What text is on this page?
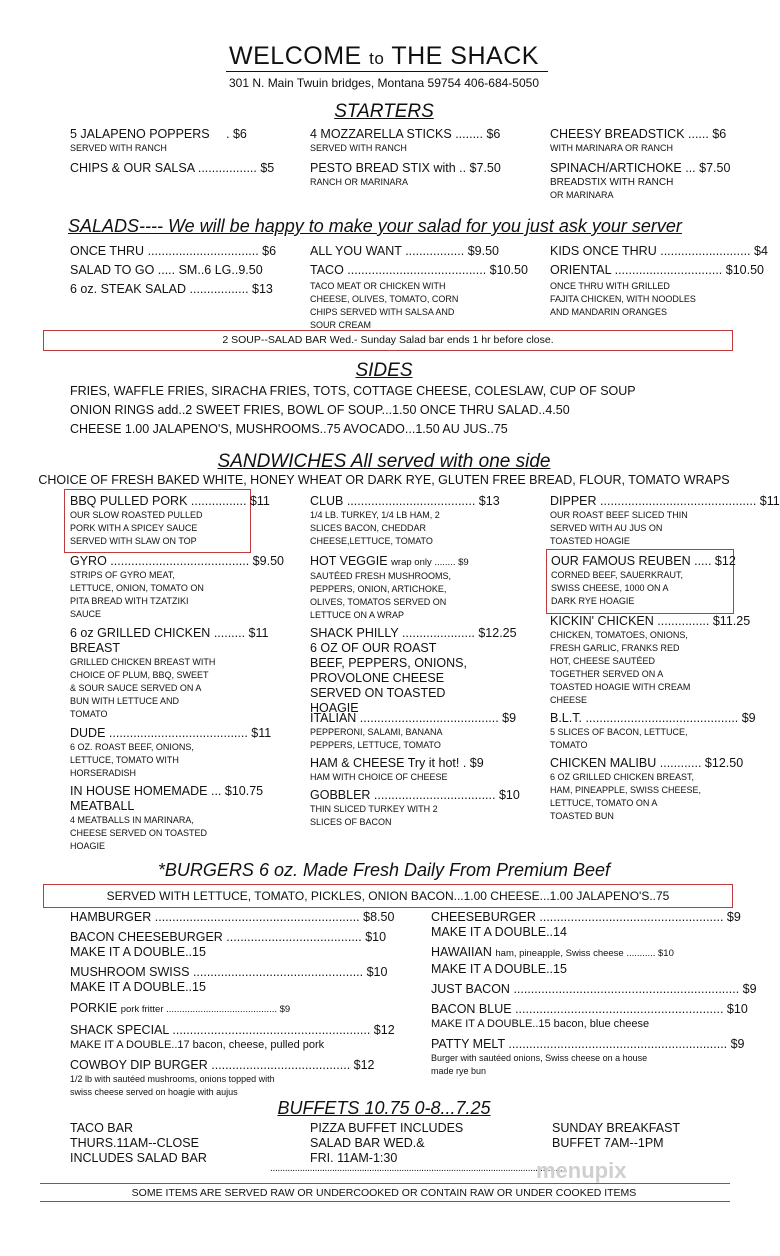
WELCOME to THE SHACK
301 N. Main Twuin bridges, Montana 59754 406-684-5050
STARTERS
5 JALAPENO POPPERS . $6
SERVED WITH RANCH
CHIPS & OUR SALSA ................. $5
4 MOZZARELLA STICKS ........ $6
SERVED WITH RANCH
PESTO BREAD STIX with .. $7.50
RANCH OR MARINARA
CHEESY BREADSTICK ...... $6
WITH MARINARA OR RANCH
SPINACH/ARTICHOKE ... $7.50
BREADSTIX WITH RANCH
OR MARINARA
SALADS---- We will be happy to make your salad for you just ask your server
ONCE THRU ................................ $6
SALAD TO GO ..... SM..6 LG..9.50
6 oz. STEAK SALAD ................. $13
ALL YOU WANT ................. $9.50
TACO ........................................ $10.50
TACO MEAT OR CHICKEN WITH
CHEESE, OLIVES, TOMATO, CORN
CHIPS SERVED WITH SALSA AND
SOUR CREAM
KIDS ONCE THRU .......................... $4
ORIENTAL ............................... $10.50
ONCE THRU WITH GRILLED
FAJITA CHICKEN, WITH NOODLES
AND MANDARIN ORANGES
2 SOUP--SALAD BAR Wed.- Sunday Salad bar ends 1 hr before close.
SIDES
FRIES, WAFFLE FRIES, SIRACHA FRIES, TOTS, COTTAGE CHEESE, COLESLAW, CUP OF SOUP
ONION RINGS add..2 SWEET FRIES, BOWL OF SOUP...1.50 ONCE THRU SALAD..4.50
CHEESE 1.00 JALAPENO'S, MUSHROOMS..75 AVOCADO...1.50 AU JUS..75
SANDWICHES All served with one side
CHOICE OF FRESH BAKED WHITE, HONEY WHEAT OR DARK RYE, GLUTEN FREE BREAD, FLOUR, TOMATO WRAPS
BBQ PULLED PORK ................ $11
OUR SLOW ROASTED PULLED
PORK WITH A SPICEY SAUCE
SERVED WITH SLAW ON TOP
GYRO ........................................ $9.50
STRIPS OF GYRO MEAT,
LETTUCE, ONION, TOMATO ON
PITA BREAD WITH TZATZIKI
SAUCE
6 oz GRILLED CHICKEN ......... $11
BREAST
GRILLED CHICKEN BREAST WITH
CHOICE OF PLUM, BBQ, SWEET
& SOUR SAUCE SERVED ON A
BUN WITH LETTUCE AND
TOMATO
DUDE ........................................ $11
6 OZ. ROAST BEEF, ONIONS,
LETTUCE, TOMATO WITH
HORSERADISH
IN HOUSE HOMEMADE ... $10.75
MEATBALL
4 MEATBALLS IN MARINARA,
CHEESE SERVED ON TOASTED
HOAGIE
CLUB ..................................... $13
1/4 LB. TURKEY, 1/4 LB HAM, 2
SLICES BACON, CHEDDAR
CHEESE,LETTUCE, TOMATO
HOT VEGGIE wrap only ........ $9
SAUTÉED FRESH MUSHROOMS,
PEPPERS, ONION, ARTICHOKE,
OLIVES, TOMATOS SERVED ON
LETTUCE ON A WRAP
SHACK PHILLY ..................... $12.25
6 OZ OF OUR ROAST
BEEF, PEPPERS, ONIONS,
PROVOLONE CHEESE
SERVED ON TOASTED
HOAGIE
ITALIAN ........................................ $9
PEPPERONI, SALAMI, BANANA
PEPPERS, LETTUCE, TOMATO
HAM & CHEESE Try it hot! . $9
HAM WITH CHOICE OF CHEESE
GOBBLER ................................... $10
THIN SLICED TURKEY WITH 2
SLICES OF BACON
DIPPER ............................................. $11
OUR ROAST BEEF SLICED THIN
SERVED WITH AU JUS ON
TOASTED HOAGIE
OUR FAMOUS REUBEN ..... $12
CORNED BEEF, SAUERKRAUT,
SWISS CHEESE, 1000 ON A
DARK RYE HOAGIE
KICKIN' CHICKEN ............... $11.25
CHICKEN, TOMATOES, ONIONS,
FRESH GARLIC, FRANKS RED
HOT, CHEESE SAUTÉED
TOGETHER SERVED ON A
TOASTED HOAGIE WITH CREAM
CHEESE
B.L.T. ............................................ $9
5 SLICES OF BACON, LETTUCE,
TOMATO
CHICKEN MALIBU ............ $12.50
6 OZ GRILLED CHICKEN BREAST,
HAM, PINEAPPLE, SWISS CHEESE,
LETTUCE, TOMATO ON A
TOASTED BUN
*BURGERS 6 oz. Made Fresh Daily From Premium Beef
SERVED WITH LETTUCE, TOMATO, PICKLES, ONION BACON...1.00 CHEESE...1.00 JALAPENO'S..75
HAMBURGER ........................................................... $8.50
BACON CHEESEBURGER ....................................... $10
MAKE IT A DOUBLE..15
MUSHROOM SWISS ................................................. $10
MAKE IT A DOUBLE..15
PORKIE pork fritter .......................................... $9
SHACK SPECIAL ......................................................... $12
MAKE IT A DOUBLE..17 bacon, cheese, pulled pork
COWBOY DIP BURGER ........................................ $12
1/2 lb with sautéed mushrooms, onions topped with
swiss cheese served on hoagie with aujus
CHEESEBURGER ..................................................... $9
MAKE IT A DOUBLE..14
HAWAIIAN ham, pineapple, Swiss cheese ........... $10
MAKE IT A DOUBLE..15
JUST BACON ................................................................. $9
BACON BLUE ............................................................ $10
MAKE IT A DOUBLE..15 bacon, blue cheese
PATTY MELT ............................................................... $9
Burger with sautéed onions, Swiss cheese on a house
made rye bun
BUFFETS 10.75 0-8...7.25
TACO BAR
THURS.11AM--CLOSE
INCLUDES SALAD BAR
PIZZA BUFFET INCLUDES
SALAD BAR WED.&
FRI. 11AM-1:30
SUNDAY BREAKFAST
BUFFET 7AM--1PM
......................................................................................................................
menupix
SOME ITEMS ARE SERVED RAW OR UNDERCOOKED OR CONTAIN RAW OR UNDER COOKED ITEMS
